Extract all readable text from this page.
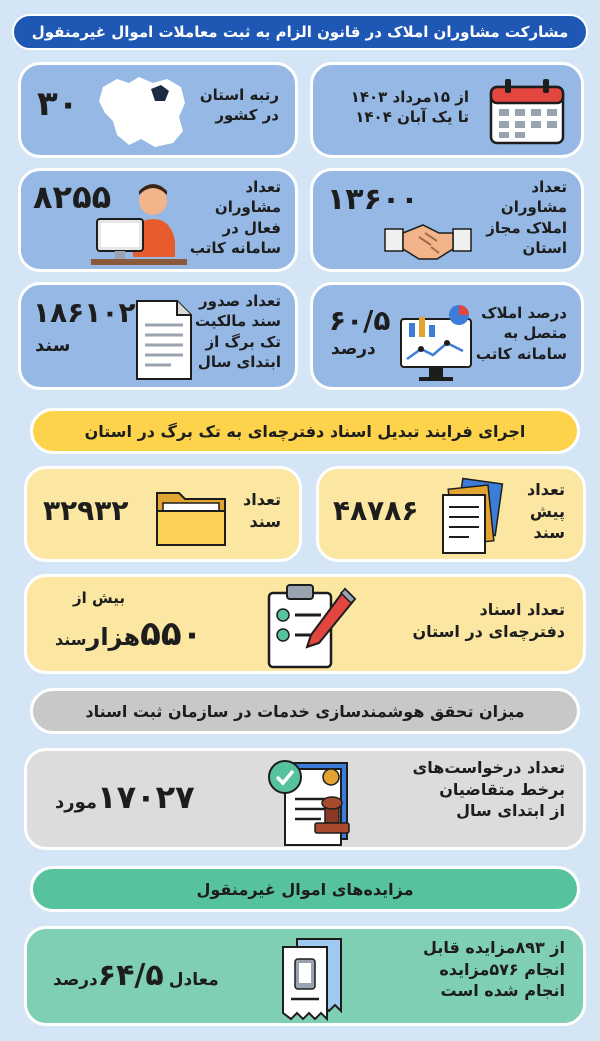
مشارکت مشاوران املاک در قانون الزام به ثبت معاملات اموال غیرمنقول
۳۰	رتبه استان
در کشور
از ۱۵مرداد ۱۴۰۳
تا یک آبان ۱۴۰۴
۸۲۵۵	تعداد
مشاوران
فعال در
سامانه کاتب
۱۳۶۰۰	تعداد
مشاوران
املاک مجاز
استان
۱۸۶۱۰۲
سند
تعداد صدور
سند مالکیت
تک برگ از
ابتدای سال
۶۰/۵
درصد
درصد املاک
متصل به
سامانه کاتب
اجرای فرایند تبدیل اسناد دفترچه‌ای به تک برگ در استان
۳۲۹۳۲	تعداد
سند ۴۸۷۸۶
تعداد
پیش
سند
بیش از
۵۵۰هزارسند
تعداد اسناد
دفترچه‌ای در استان
میزان تحقق هوشمندسازی خدمات در سازمان ثبت اسناد
۱۷۰۲۷مورد
تعداد درخواست‌های
برخط متقاضیان
از ابتدای سال
مزایده‌های اموال غیرمنقول
معادل ۶۴/۵درصد
از ۸۹۳مزایده قابل
انجام ۵۷۶مزایده
انجام شده است
